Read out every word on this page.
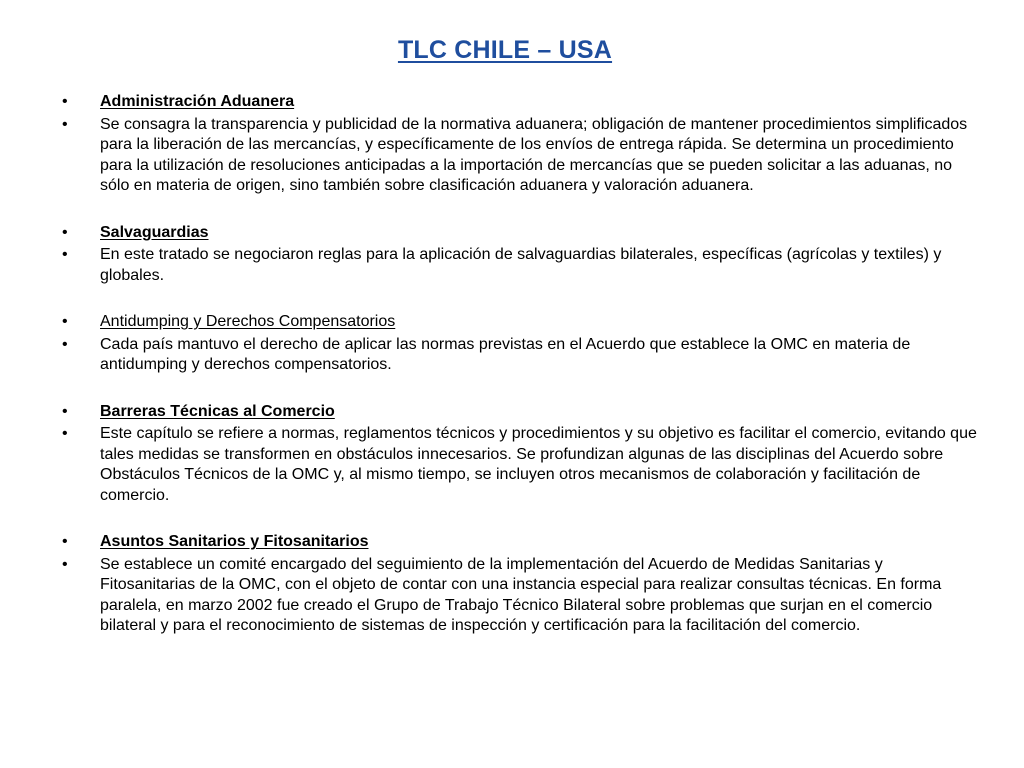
TLC CHILE – USA
• Administración Aduanera
• Se consagra la transparencia y publicidad de la normativa aduanera; obligación de mantener procedimientos simplificados para la liberación de las mercancías, y específicamente de los envíos de entrega rápida. Se determina un procedimiento para la utilización de resoluciones anticipadas a la importación de mercancías que se pueden solicitar a las aduanas, no sólo en materia de origen, sino también sobre clasificación aduanera y valoración aduanera.
• Salvaguardias
• En este tratado se negociaron reglas para la aplicación de salvaguardias bilaterales, específicas (agrícolas y textiles) y globales.
• Antidumping y Derechos Compensatorios
• Cada país mantuvo el derecho de aplicar las normas previstas en el Acuerdo que establece la OMC en materia de antidumping y derechos compensatorios.
• Barreras Técnicas al Comercio
• Este capítulo se refiere a normas, reglamentos técnicos y procedimientos y su objetivo es facilitar el comercio, evitando que tales medidas se transformen en obstáculos innecesarios. Se profundizan algunas de las disciplinas del Acuerdo sobre Obstáculos Técnicos de la OMC y, al mismo tiempo, se incluyen otros mecanismos de colaboración y facilitación de comercio.
• Asuntos Sanitarios y Fitosanitarios
• Se establece un comité encargado del seguimiento de la implementación del Acuerdo de Medidas Sanitarias y Fitosanitarias de la OMC, con el objeto de contar con una instancia especial para realizar consultas técnicas. En forma paralela, en marzo 2002 fue creado el Grupo de Trabajo Técnico Bilateral sobre problemas que surjan en el comercio bilateral y para el reconocimiento de sistemas de inspección y certificación para la facilitación del comercio.
